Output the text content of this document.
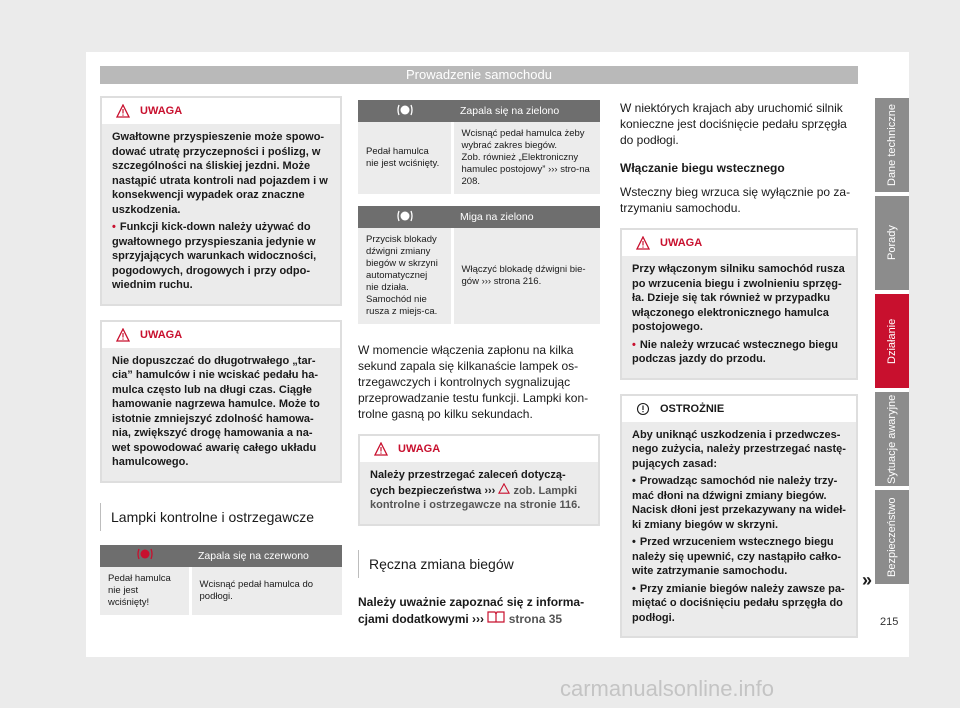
Prowadzenie samochodu
UWAGA

Gwałtowne przyspieszenie może spowo-dować utratę przyczepności i poślizg, w szczególności na śliskiej jezdni. Może nastąpić utrata kontroli nad pojazdem i w konsekwencji wypadek oraz znaczne uszkodzenia.

• Funkcji kick-down należy używać do gwałtownego przyspieszania jedynie w sprzyjających warunkach widoczności, pogodowych, drogowych i przy odpo-wiednim ruchu.

UWAGA

Nie dopuszczać do długotrwałego „tar-cia” hamulców i nie wciskać pedału ha-mulca często lub na długi czas. Ciągłe hamowanie nagrzewa hamulce. Może to istotnie zmniejszyć zdolność hamowa-nia, zwiększyć drogę hamowania a na-wet spowodować awarię całego układu hamulcowego.

Lampki kontrolne i ostrzegawcze
	Zapala się na czerwono
Pedał hamulca nie jest wciśnięty!	Wcisnąć pedał hamulca do podłogi.
	Zapala się na zielono
Pedał hamulca nie jest wciśnięty.	Wcisnąć pedał hamulca żeby wybrać zakres biegów.
Zob. również „Elektroniczny hamulec postojowy” ››› stro-na 208.
	Miga na zielono
Przycisk blokady dźwigni zmiany biegów w skrzyni automatycznej nie działa. Samochód nie rusza z miejs-ca.	Włączyć blokadę dźwigni bie-gów ››› strona 216.

W momencie włączenia zapłonu na kilka sekund zapala się kilkanaście lampek os-trzegawczych i kontrolnych sygnalizując przeprowadzanie testu funkcji. Lampki kon-trolne gasną po kilku sekundach.

UWAGA

Należy przestrzegać zaleceń dotyczą-cych bezpieczeństwa ››› zob. Lampki kontrolne i ostrzegawcze na stronie 116.

Ręczna zmiana biegów

Należy uważnie zapoznać się z informa-cjami dodatkowymi ››› strona 35

W niektórych krajach aby uruchomić silnik konieczne jest dociśnięcie pedału sprzęgła do podłogi.

Włączanie biegu wstecznego

Wsteczny bieg wrzuca się wyłącznie po za-trzymaniu samochodu.

UWAGA

Przy włączonym silniku samochód rusza po wrzucenia biegu i zwolnieniu sprzęg-ła. Dzieje się tak również w przypadku włączonego elektronicznego hamulca postojowego.

• Nie należy wrzucać wstecznego biegu podczas jazdy do przodu.

OSTROŻNIE

Aby uniknąć uszkodzenia i przedwczes-nego zużycia, należy przestrzegać nastę-pujących zasad:

• Prowadząc samochód nie należy trzy-mać dłoni na dźwigni zmiany biegów. Nacisk dłoni jest przekazywany na wideł-ki zmiany biegów w skrzyni.

• Przed wrzuceniem wstecznego biegu należy się upewnić, czy nastąpiło całko-wite zatrzymanie samochodu.

• Przy zmianie biegów należy zawsze pa-miętać o dociśnięciu pedału sprzęgła do podłogi.

»
Dane techniczne
Porady
Działanie
Sytuacje awaryjne
Bezpieczeństwo
215
carmanualsonline.info
